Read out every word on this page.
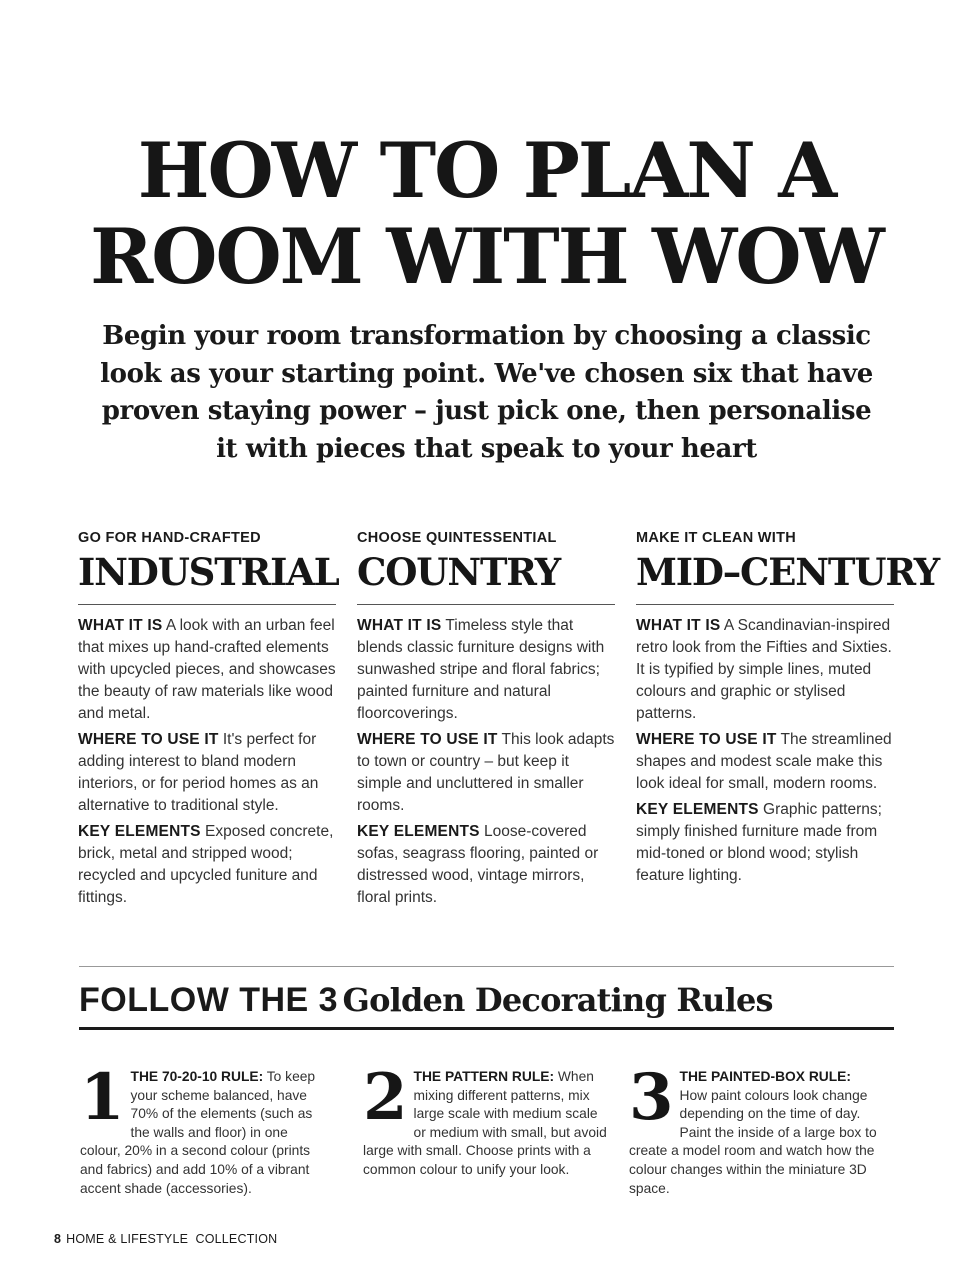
HOW TO PLAN A
ROOM WITH WOW
Begin your room transformation by choosing a classic look as your starting point. We've chosen six that have proven staying power – just pick one, then personalise it with pieces that speak to your heart
GO FOR HAND-CRAFTED
INDUSTRIAL

WHAT IT IS A look with an urban feel that mixes up hand-crafted elements with upcycled pieces, and showcases the beauty of raw materials like wood and metal.

WHERE TO USE IT It's perfect for adding interest to bland modern interiors, or for period homes as an alternative to traditional style.

KEY ELEMENTS Exposed concrete, brick, metal and stripped wood; recycled and upcycled funiture and fittings.

CHOOSE QUINTESSENTIAL
COUNTRY

WHAT IT IS Timeless style that blends classic furniture designs with sunwashed stripe and floral fabrics; painted furniture and natural floorcoverings.

WHERE TO USE IT This look adapts to town or country – but keep it simple and uncluttered in smaller rooms.

KEY ELEMENTS Loose-covered sofas, seagrass flooring, painted or distressed wood, vintage mirrors, floral prints.

MAKE IT CLEAN WITH
MID–CENTURY

WHAT IT IS A Scandinavian-inspired retro look from the Fifties and Sixties. It is typified by simple lines, muted colours and graphic or stylised patterns.

WHERE TO USE IT The streamlined shapes and modest scale make this look ideal for small, modern rooms.

KEY ELEMENTS Graphic patterns; simply finished furniture made from mid-toned or blond wood; stylish feature lighting.

FOLLOW THE 3 Golden Decorating Rules
1 THE 70-20-10 RULE: To keep your scheme balanced, have 70% of the elements (such as the walls and floor) in one colour, 20% in a second colour (prints and fabrics) and add 10% of a vibrant accent shade (accessories).
2 THE PATTERN RULE: When mixing different patterns, mix large scale with medium scale or medium with small, but avoid large with small. Choose prints with a common colour to unify your look.
3 THE PAINTED-BOX RULE: How paint colours look change depending on the time of day. Paint the inside of a large box to create a model room and watch how the colour changes within the miniature 3D space.
8 HOME & LIFESTYLE  COLLECTION
